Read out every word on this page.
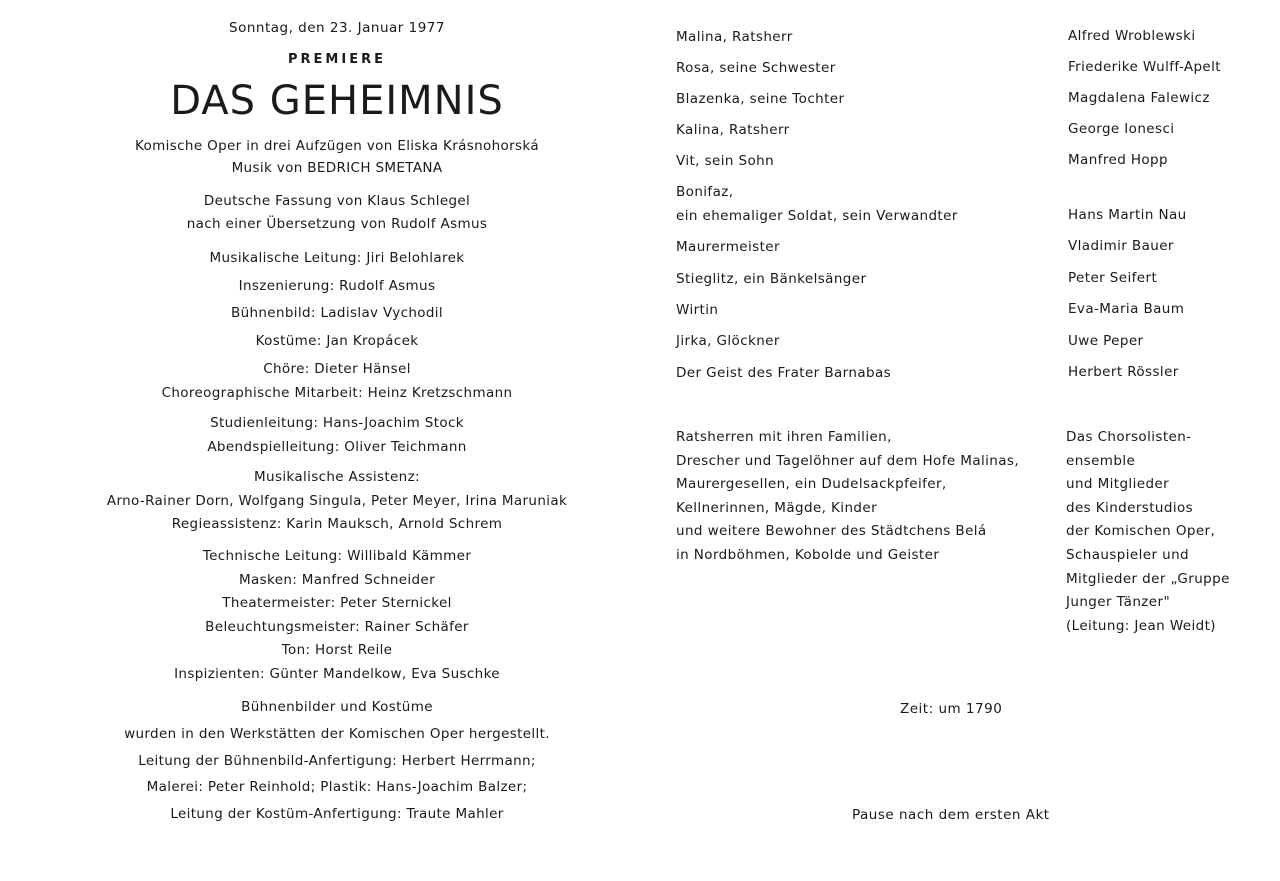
Sonntag, den 23. Januar 1977
PREMIERE
DAS GEHEIMNIS
Komische Oper in drei Aufzügen von Eliska Krásnohorská
Musik von BEDRICH SMETANA
Deutsche Fassung von Klaus Schlegel
nach einer Übersetzung von Rudolf Asmus
Musikalische Leitung: Jiri Belohlarek
Inszenierung: Rudolf Asmus
Bühnenbild: Ladislav Vychodil
Kostüme: Jan Kropácek
Chöre: Dieter Hänsel
Choreographische Mitarbeit: Heinz Kretzschmann
Studienleitung: Hans-Joachim Stock
Abendspielleitung: Oliver Teichmann
Musikalische Assistenz:
Arno-Rainer Dorn, Wolfgang Singula, Peter Meyer, Irina Maruniak
Regieassistenz: Karin Mauksch, Arnold Schrem
Technische Leitung: Willibald Kämmer
Masken: Manfred Schneider
Theatermeister: Peter Sternickel
Beleuchtungsmeister: Rainer Schäfer
Ton: Horst Reile
Inspizienten: Günter Mandelkow, Eva Suschke
Bühnenbilder und Kostüme
wurden in den Werkstätten der Komischen Oper hergestellt.
Leitung der Bühnenbild-Anfertigung: Herbert Herrmann;
Malerei: Peter Reinhold; Plastik: Hans-Joachim Balzer;
Leitung der Kostüm-Anfertigung: Traute Mahler
Malina, Ratsherr	Alfred Wroblewski
Rosa, seine Schwester	Friederike Wulff-Apelt
Blazenka, seine Tochter	Magdalena Falewicz
Kalina, Ratsherr	George Ionesci
Vit, sein Sohn	Manfred Hopp
Bonifaz,
ein ehemaliger Soldat, sein Verwandter	Hans Martin Nau
Maurermeister	Vladimir Bauer
Stieglitz, ein Bänkelsänger	Peter Seifert
Wirtin	Eva-Maria Baum
Jirka, Glöckner	Uwe Peper
Der Geist des Frater Barnabas	Herbert Rössler
Ratsherren mit ihren Familien,
Drescher und Tagelöhner auf dem Hofe Malinas,
Maurergesellen, ein Dudelsackpfeifer,
Kellnerinnen, Mägde, Kinder
und weitere Bewohner des Städtchens Belá
in Nordböhmen, Kobolde und Geister
Das Chorsolisten-
ensemble
und Mitglieder
des Kinderstudios
der Komischen Oper,
Schauspieler und
Mitglieder der „Gruppe
Junger Tänzer"
(Leitung: Jean Weidt)
Zeit: um 1790
Pause nach dem ersten Akt
